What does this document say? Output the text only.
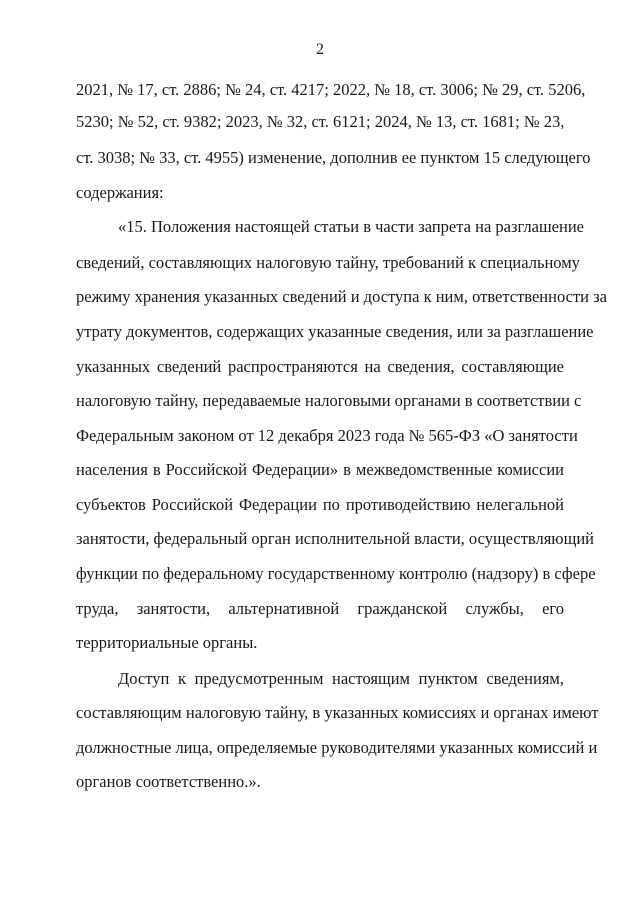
2
2021, № 17, ст. 2886; № 24, ст. 4217; 2022, № 18, ст. 3006; № 29, ст. 5206,
5230; № 52, ст. 9382; 2023, № 32, ст. 6121; 2024, № 13, ст. 1681; № 23,
ст. 3038; № 33, ст. 4955) изменение, дополнив ее пунктом 15 следующего
содержания:
«15. Положения настоящей статьи в части запрета на разглашение
сведений, составляющих налоговую тайну, требований к специальному
режиму хранения указанных сведений и доступа к ним, ответственности за
утрату документов, содержащих указанные сведения, или за разглашение
указанных сведений распространяются на сведения, составляющие
налоговую тайну, передаваемые налоговыми органами в соответствии с
Федеральным законом от 12 декабря 2023 года № 565-ФЗ «О занятости
населения в Российской Федерации» в межведомственные комиссии
субъектов Российской Федерации по противодействию нелегальной
занятости, федеральный орган исполнительной власти, осуществляющий
функции по федеральному государственному контролю (надзору) в сфере
труда, занятости, альтернативной гражданской службы, его
территориальные органы.
Доступ к предусмотренным настоящим пунктом сведениям,
составляющим налоговую тайну, в указанных комиссиях и органах имеют
должностные лица, определяемые руководителями указанных комиссий и
органов соответственно.».
